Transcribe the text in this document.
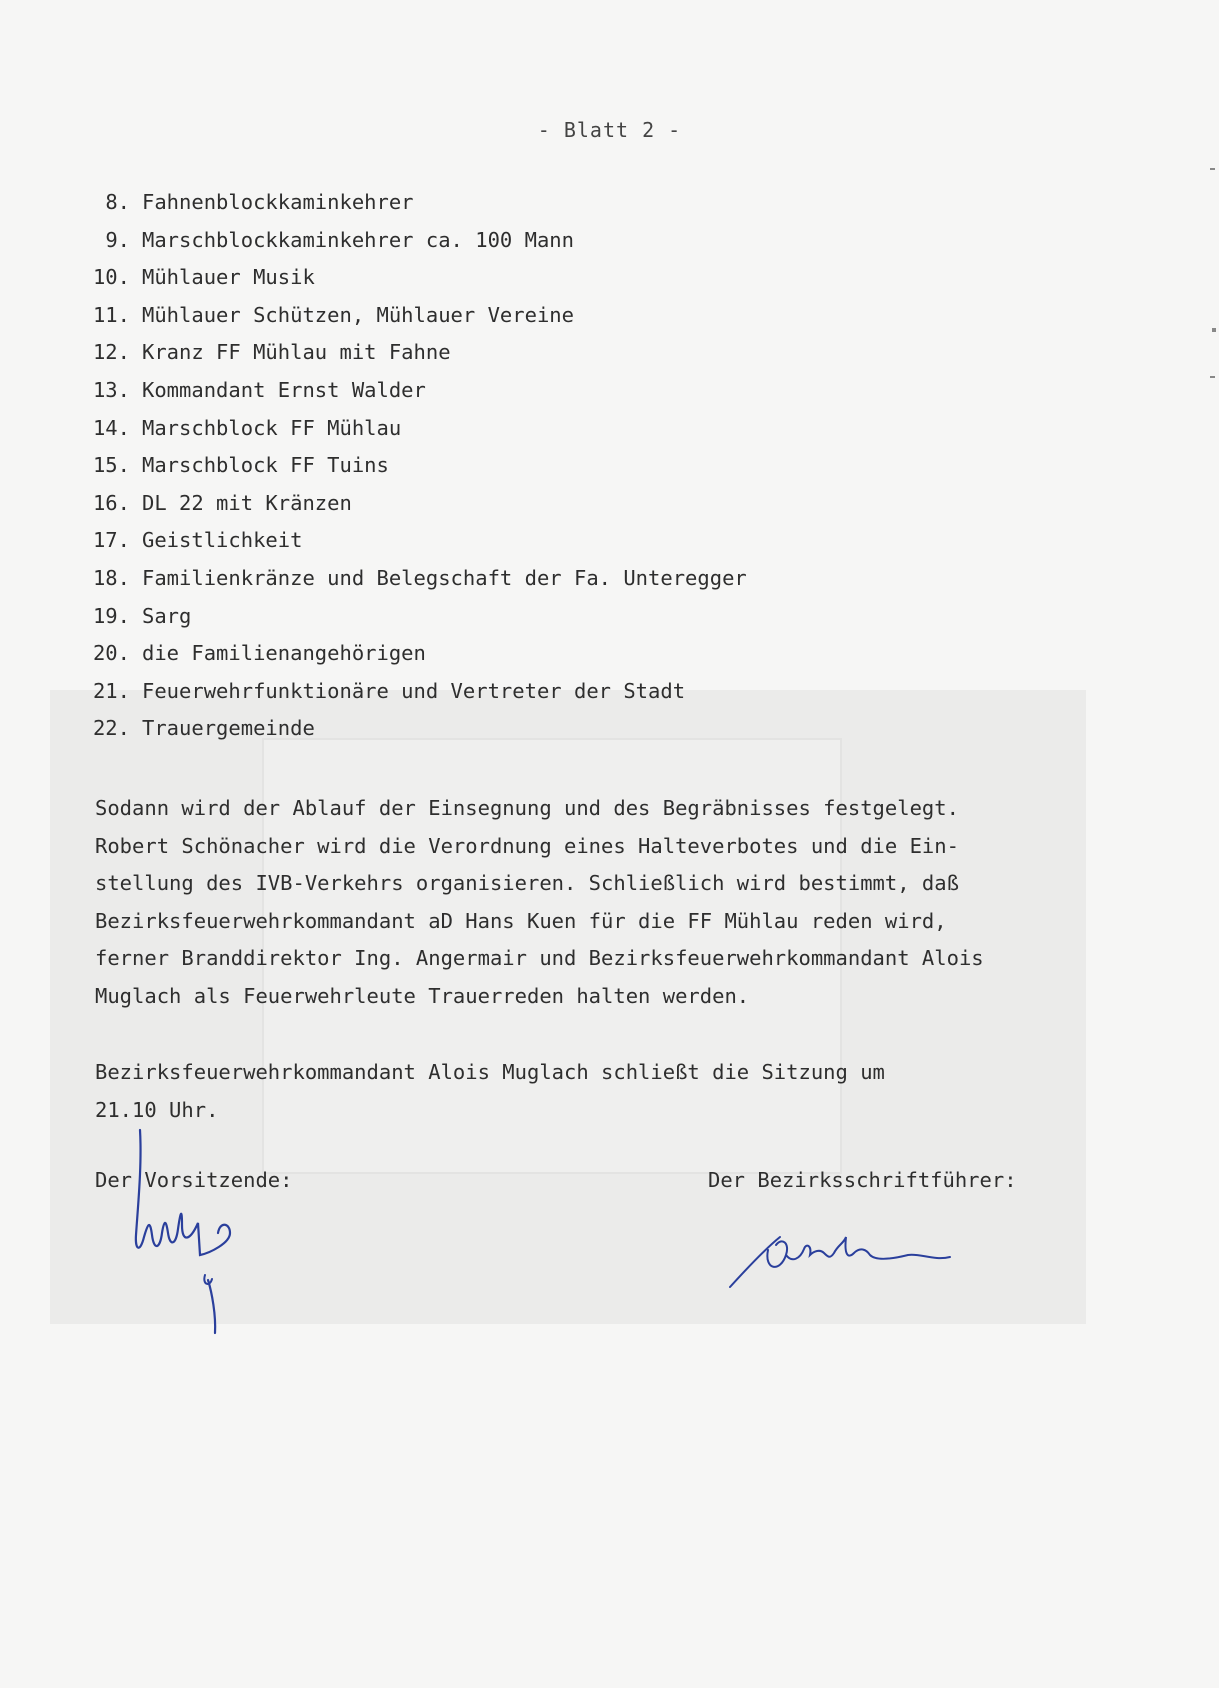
- Blatt 2 -
8. Fahnenblockkaminkehrer
9. Marschblockkaminkehrer ca. 100 Mann
10. Mühlauer Musik
11. Mühlauer Schützen, Mühlauer Vereine
12. Kranz FF Mühlau mit Fahne
13. Kommandant Ernst Walder
14. Marschblock FF Mühlau
15. Marschblock FF Tuins
16. DL 22 mit Kränzen
17. Geistlichkeit
18. Familienkränze und Belegschaft der Fa. Unteregger
19. Sarg
20. die Familienangehörigen
21. Feuerwehrfunktionäre und Vertreter der Stadt
22. Trauergemeinde

Sodann wird der Ablauf der Einsegnung und des Begräbnisses festgelegt.
Robert Schönacher wird die Verordnung eines Halteverbotes und die Ein-
stellung des IVB-Verkehrs organisieren. Schließlich wird bestimmt, daß
Bezirksfeuerwehrkommandant aD Hans Kuen für die FF Mühlau reden wird,
ferner Branddirektor Ing. Angermair und Bezirksfeuerwehrkommandant Alois
Muglach als Feuerwehrleute Trauerreden halten werden.

Bezirksfeuerwehrkommandant Alois Muglach schließt die Sitzung um
21.10 Uhr.

Der Vorsitzende:	Der Bezirksschriftführer:
